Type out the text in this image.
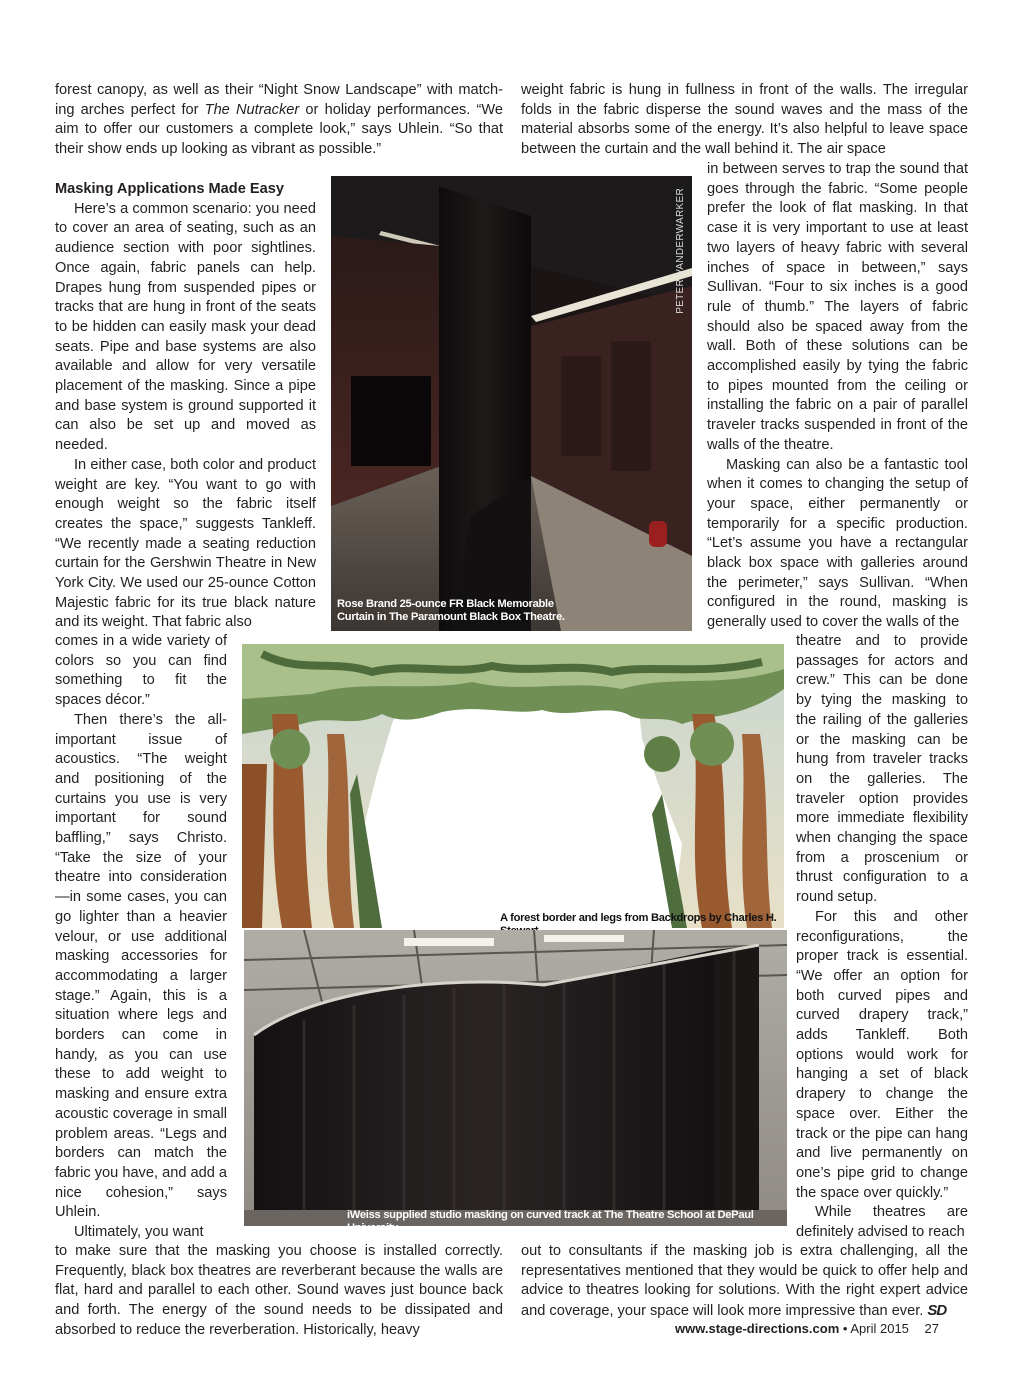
forest canopy, as well as their “Night Snow Landscape” with match-ing arches perfect for The Nutracker or holiday performances. “We aim to offer our customers a complete look,” says Uhlein. “So that their show ends up looking as vibrant as possible.”

Masking Applications Made Easy

Here’s a common scenario: you need to cover an area of seating, such as an audience section with poor sightlines. Once again, fabric panels can help. Drapes hung from suspended pipes or tracks that are hung in front of the seats to be hidden can easily mask your dead seats. Pipe and base systems are also available and allow for very versatile placement of the masking. Since a pipe and base system is ground supported it can also be set up and moved as needed.

In either case, both color and product weight are key. “You want to go with enough weight so the fabric itself creates the space,” suggests Tankleff. “We recently made a seating reduction curtain for the Gershwin Theatre in New York City. We used our 25-ounce Cotton Majestic fabric for its true black nature and its weight. That fabric also

comes in a wide variety of colors so you can find something to fit the spaces décor.”

Then there’s the all-important issue of acoustics. “The weight and positioning of the curtains you use is very important for sound baffling,” says Christo. “Take the size of your theatre into consideration—in some cases, you can go lighter than a heavier velour, or use additional masking accessories for accommodating a larger stage.” Again, this is a situation where legs and borders can come in handy, as you can use these to add weight to masking and ensure extra acoustic coverage in small problem areas. “Legs and borders can match the fabric you have, and add a nice cohesion,” says Uhlein.

Ultimately, you want

to make sure that the masking you choose is installed correctly. Frequently, black box theatres are reverberant because the walls are flat, hard and parallel to each other. Sound waves just bounce back and forth. The energy of the sound needs to be dissipated and absorbed to reduce the reverberation. Historically, heavy

weight fabric is hung in fullness in front of the walls. The irregular folds in the fabric disperse the sound waves and the mass of the material absorbs some of the energy. It’s also helpful to leave space between the curtain and the wall behind it. The air space

in between serves to trap the sound that goes through the fabric. “Some people prefer the look of flat masking. In that case it is very important to use at least two layers of heavy fabric with several inches of space in between,” says Sullivan. “Four to six inches is a good rule of thumb.” The layers of fabric should also be spaced away from the wall. Both of these solutions can be accomplished easily by tying the fabric to pipes mounted from the ceiling or installing the fabric on a pair of parallel traveler tracks suspended in front of the walls of the theatre.

Masking can also be a fantastic tool when it comes to changing the setup of your space, either permanently or temporarily for a specific production. “Let’s assume you have a rectangular black box space with galleries around the perimeter,” says Sullivan. “When configured in the round, masking is generally used to cover the walls of the

theatre and to provide passages for actors and crew.” This can be done by tying the masking to the railing of the galleries or the masking can be hung from traveler tracks on the galleries. The traveler option provides more immediate flexibility when changing the space from a proscenium or thrust configuration to a round setup.

For this and other reconfigurations, the proper track is essential. “We offer an option for both curved pipes and curved drapery track,” adds Tankleff. Both options would work for hanging a set of black drapery to change the space over. Either the track or the pipe can hang and live permanently on one’s pipe grid to change the space over quickly.”

While theatres are definitely advised to reach

out to consultants if the masking job is extra challenging, all the representatives mentioned that they would be quick to offer help and advice to theatres looking for solutions. With the right expert advice and coverage, your space will look more impressive than ever. SD

PETER VANDERWARKER
Rose Brand 25-ounce FR Black Memorable
Curtain in The Paramount Black Box Theatre.
A forest border and legs from Backdrops by Charles H.
iWeiss supplied studio masking on curved track at The Theatre School at DePaul University.
www.stage-directions.com • April 2015 27
